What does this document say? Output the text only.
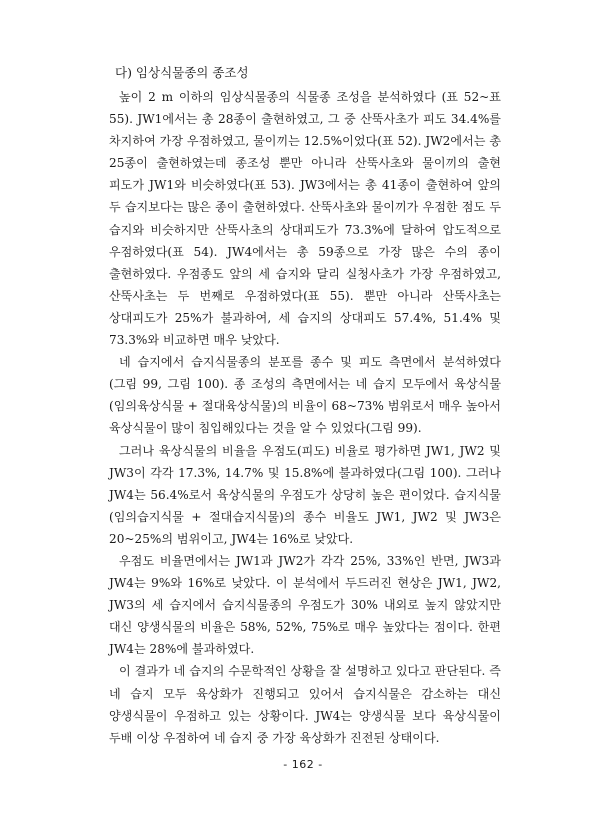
다) 임상식물종의 종조성

높이 2 m 이하의 임상식물종의 식물종 조성을 분석하였다 (표 52~표 55). JW1에서는 총 28종이 출현하였고, 그 중 산뚝사초가 피도 34.4%를 차지하여 가장 우점하였고, 물이끼는 12.5%이었다(표 52). JW2에서는 총 25종이 출현하였는데 종조성 뿐만 아니라 산뚝사초와 물이끼의 출현 피도가 JW1와 비슷하였다(표 53). JW3에서는 총 41종이 출현하여 앞의 두 습지보다는 많은 종이 출현하였다. 산뚝사초와 물이끼가 우점한 점도 두 습지와 비슷하지만 산뚝사초의 상대피도가 73.3%에 달하여 압도적으로 우점하였다(표 54). JW4에서는 총 59종으로 가장 많은 수의 종이 출현하였다. 우점종도 앞의 세 습지와 달리 실청사초가 가장 우점하였고, 산뚝사초는 두 번째로 우점하였다(표 55). 뿐만 아니라 산뚝사초는 상대피도가 25%가 불과하여, 세 습지의 상대피도 57.4%, 51.4% 및 73.3%와 비교하면 매우 낮았다.

네 습지에서 습지식물종의 분포를 종수 및 피도 측면에서 분석하였다(그림 99, 그림 100). 종 조성의 측면에서는 네 습지 모두에서 육상식물(임의육상식물 + 절대육상식물)의 비율이 68~73% 범위로서 매우 높아서 육상식물이 많이 침입해있다는 것을 알 수 있었다(그림 99).

그러나 육상식물의 비율을 우점도(피도) 비율로 평가하면 JW1, JW2 및 JW3이 각각 17.3%, 14.7% 및 15.8%에 불과하였다(그림 100). 그러나 JW4는 56.4%로서 육상식물의 우점도가 상당히 높은 편이었다. 습지식물 (임의습지식물 + 절대습지식물)의 종수 비율도 JW1, JW2 및 JW3은 20~25%의 범위이고, JW4는 16%로 낮았다.

우점도 비율면에서는 JW1과 JW2가 각각 25%, 33%인 반면, JW3과 JW4는 9%와 16%로 낮았다. 이 분석에서 두드러진 현상은 JW1, JW2, JW3의 세 습지에서 습지식물종의 우점도가 30% 내외로 높지 않았지만 대신 양생식물의 비율은 58%, 52%, 75%로 매우 높았다는 점이다. 한편 JW4는 28%에 불과하였다.

이 결과가 네 습지의 수문학적인 상황을 잘 설명하고 있다고 판단된다. 즉 네 습지 모두 육상화가 진행되고 있어서 습지식물은 감소하는 대신 양생식물이 우점하고 있는 상황이다. JW4는 양생식물 보다 육상식물이 두배 이상 우점하여 네 습지 중 가장 육상화가 진전된 상태이다.

- 162 -
